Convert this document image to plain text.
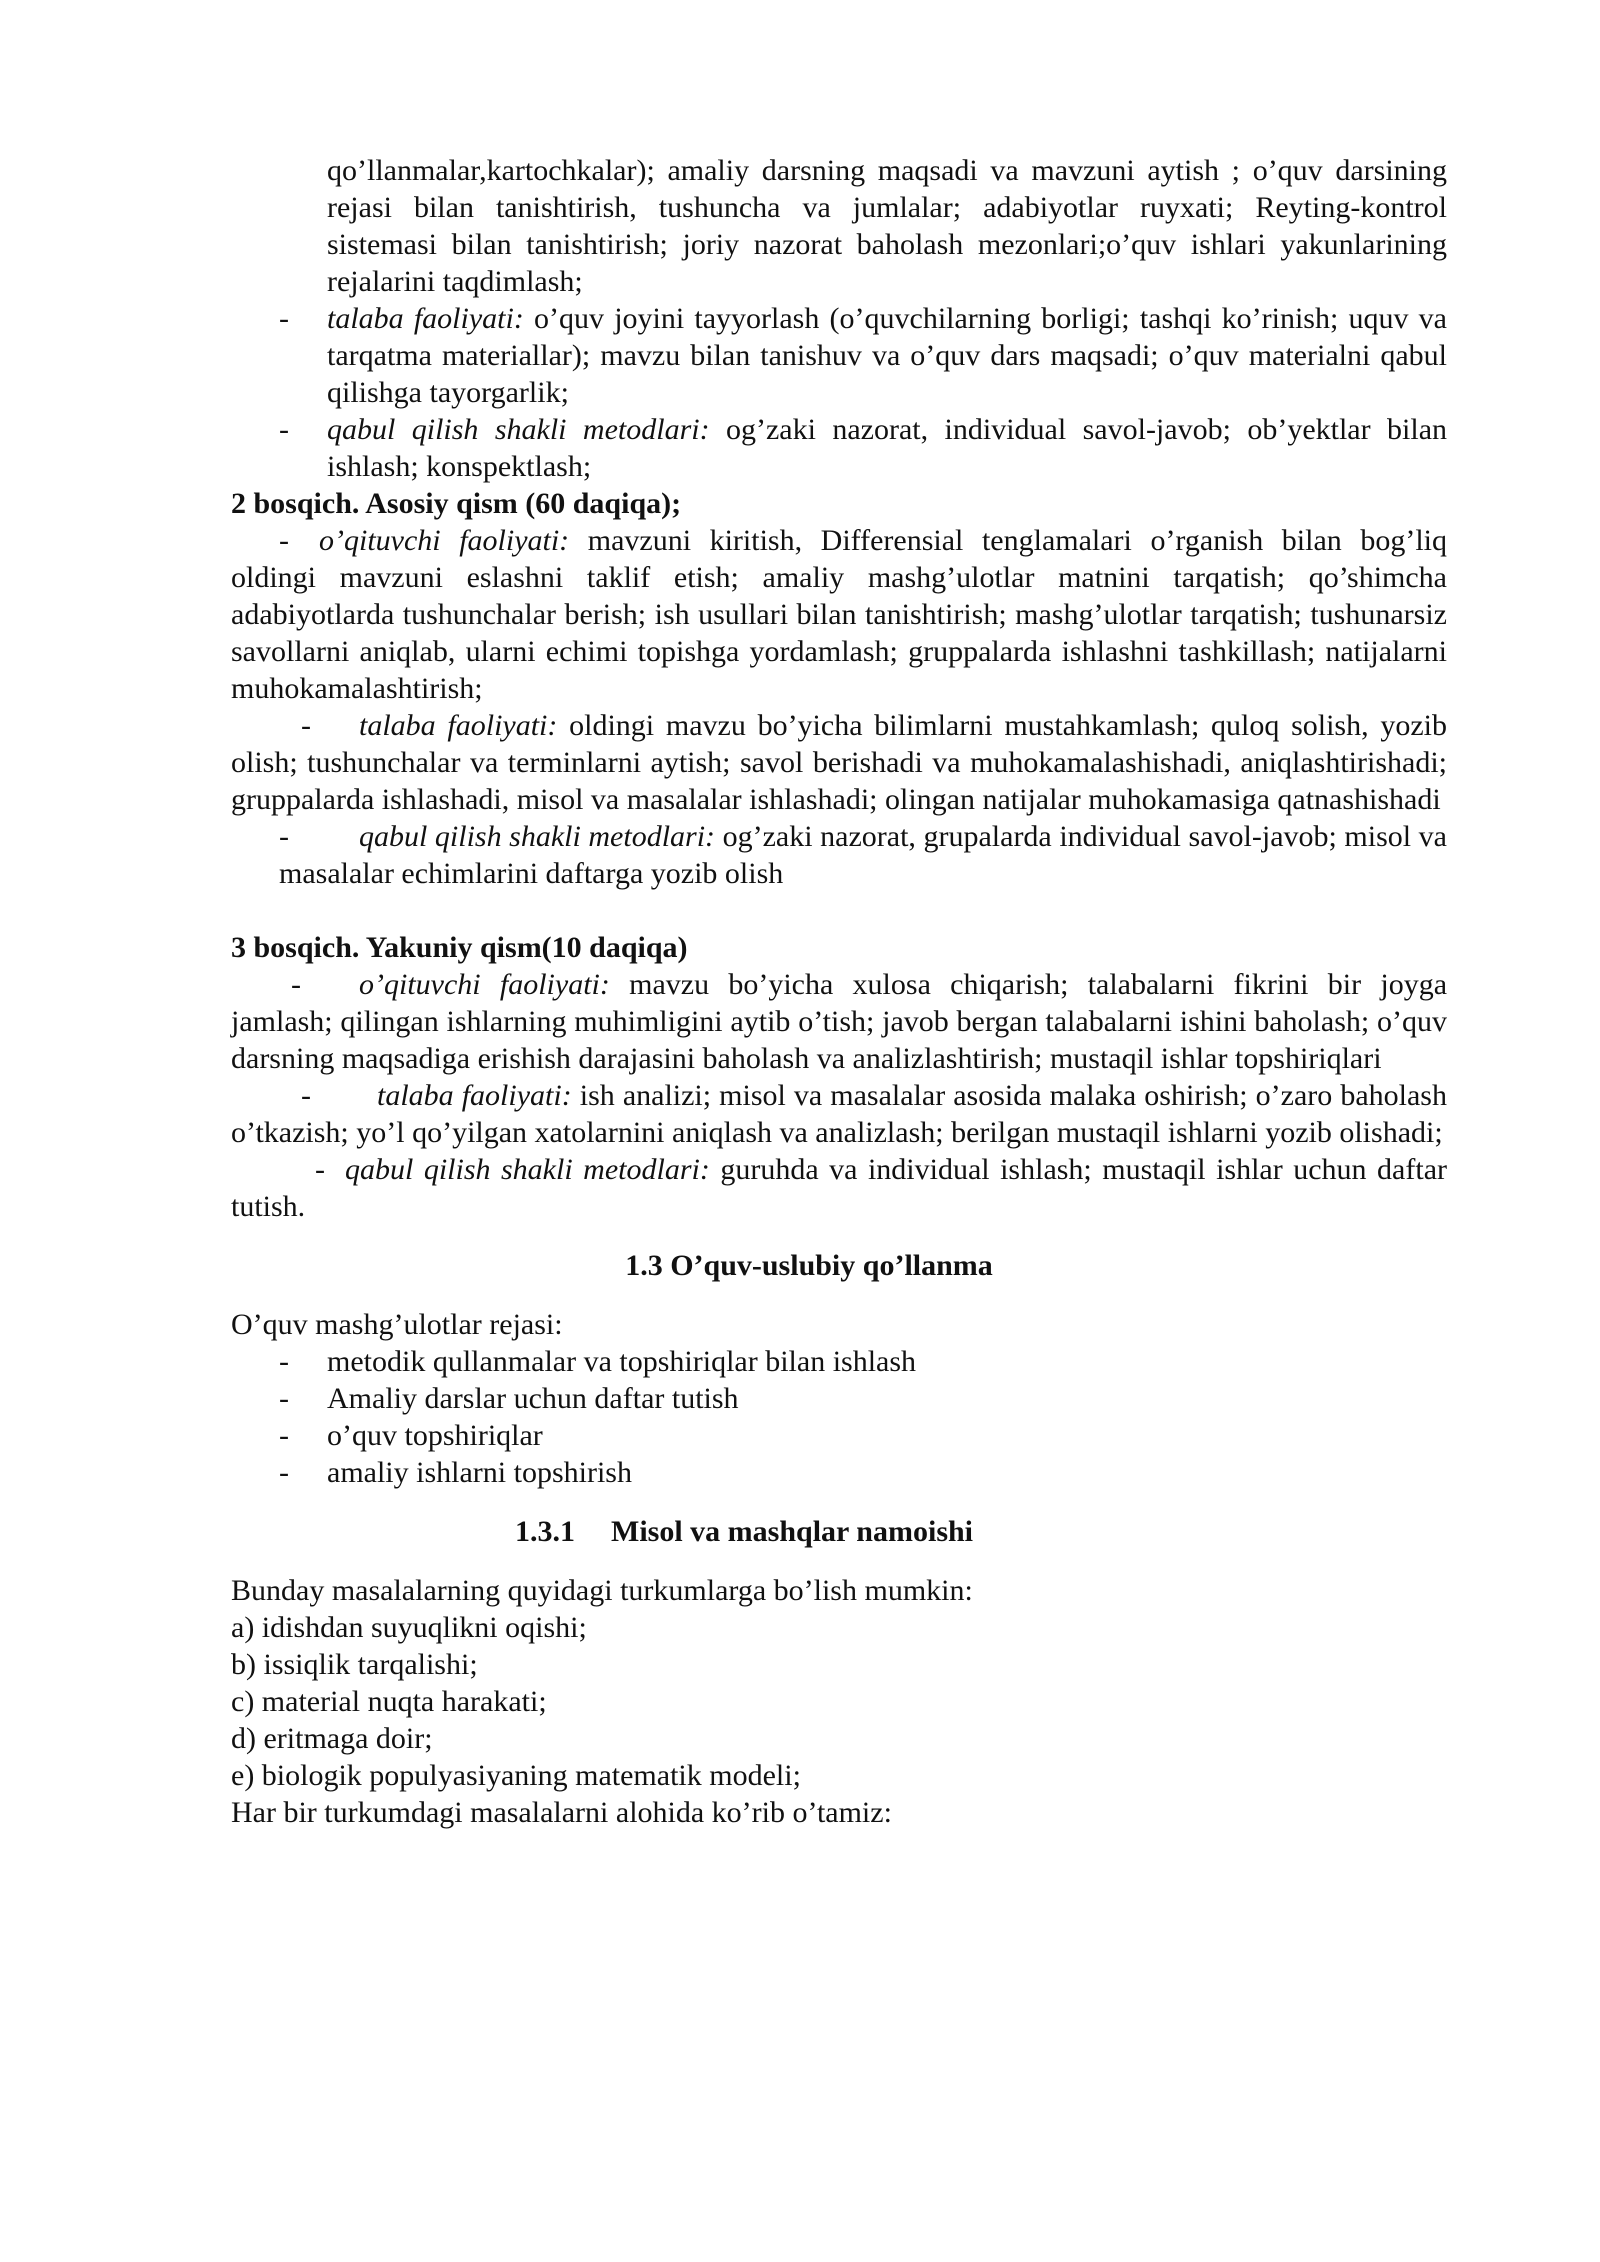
qo’llanmalar,kartochkalar); amaliy darsning maqsadi va mavzuni aytish ; o’quv darsining rejasi bilan tanishtirish, tushuncha va jumlalar; adabiyotlar ruyxati; Reyting-kontrol sistemasi bilan tanishtirish; joriy nazorat baholash mezonlari;o’quv ishlari yakunlarining rejalarini taqdimlash;

- talaba faoliyati: o’quv joyini tayyorlash (o’quvchilarning borligi; tashqi ko’rinish; uquv va tarqatma materiallar); mavzu bilan tanishuv va o’quv dars maqsadi; o’quv materialni qabul qilishga tayorgarlik;
- qabul qilish shakli metodlari: og’zaki nazorat, individual savol-javob; ob’yektlar bilan ishlash; konspektlash;

2 bosqich. Asosiy qism (60 daqiqa);

- o’qituvchi faoliyati: mavzuni kiritish, Differensial tenglamalari o’rganish bilan bog’liq oldingi mavzuni eslashni taklif etish; amaliy mashg’ulotlar matnini tarqatish; qo’shimcha adabiyotlarda tushunchalar berish; ish usullari bilan tanishtirish; mashg’ulotlar tarqatish; tushunarsiz savollarni aniqlab, ularni echimi topishga yordamlash; gruppalarda ishlashni tashkillash; natijalarni muhokamalashtirish;

- talaba faoliyati: oldingi mavzu bo’yicha bilimlarni mustahkamlash; quloq solish, yozib olish; tushunchalar va terminlarni aytish; savol berishadi va muhokamalashishadi, aniqlashtirishadi; gruppalarda ishlashadi, misol va masalalar ishlashadi; olingan natijalar muhokamasiga qatnashishadi

- qabul qilish shakli metodlari: og’zaki nazorat, grupalarda individual savol-javob; misol va masalalar echimlarini daftarga yozib olish

3 bosqich. Yakuniy qism(10 daqiqa)

- o’qituvchi faoliyati: mavzu bo’yicha xulosa chiqarish; talabalarni fikrini bir joyga jamlash; qilingan ishlarning muhimligini aytib o’tish; javob bergan talabalarni ishini baholash; o’quv darsning maqsadiga erishish darajasini baholash va analizlashtirish; mustaqil ishlar topshiriqlari

- talaba faoliyati: ish analizi; misol va masalalar asosida malaka oshirish; o’zaro baholash o’tkazish; yo’l qo’yilgan xatolarnini aniqlash va analizlash; berilgan mustaqil ishlarni yozib olishadi;

- qabul qilish shakli metodlari: guruhda va individual ishlash; mustaqil ishlar uchun daftar tutish.

1.3 O’quv-uslubiy qo’llanma

O’quv mashg’ulotlar rejasi:

- metodik qullanmalar va topshiriqlar bilan ishlash
- Amaliy darslar uchun daftar tutish
- o’quv topshiriqlar
- amaliy ishlarni topshirish

1.3.1 Misol va mashqlar namoishi

Bunday masalalarning quyidagi turkumlarga bo’lish mumkin:

a) idishdan suyuqlikni oqishi;

b) issiqlik tarqalishi;

c) material nuqta harakati;

d) eritmaga doir;

e) biologik populyasiyaning matematik modeli;

Har bir turkumdagi masalalarni alohida ko’rib o’tamiz:
